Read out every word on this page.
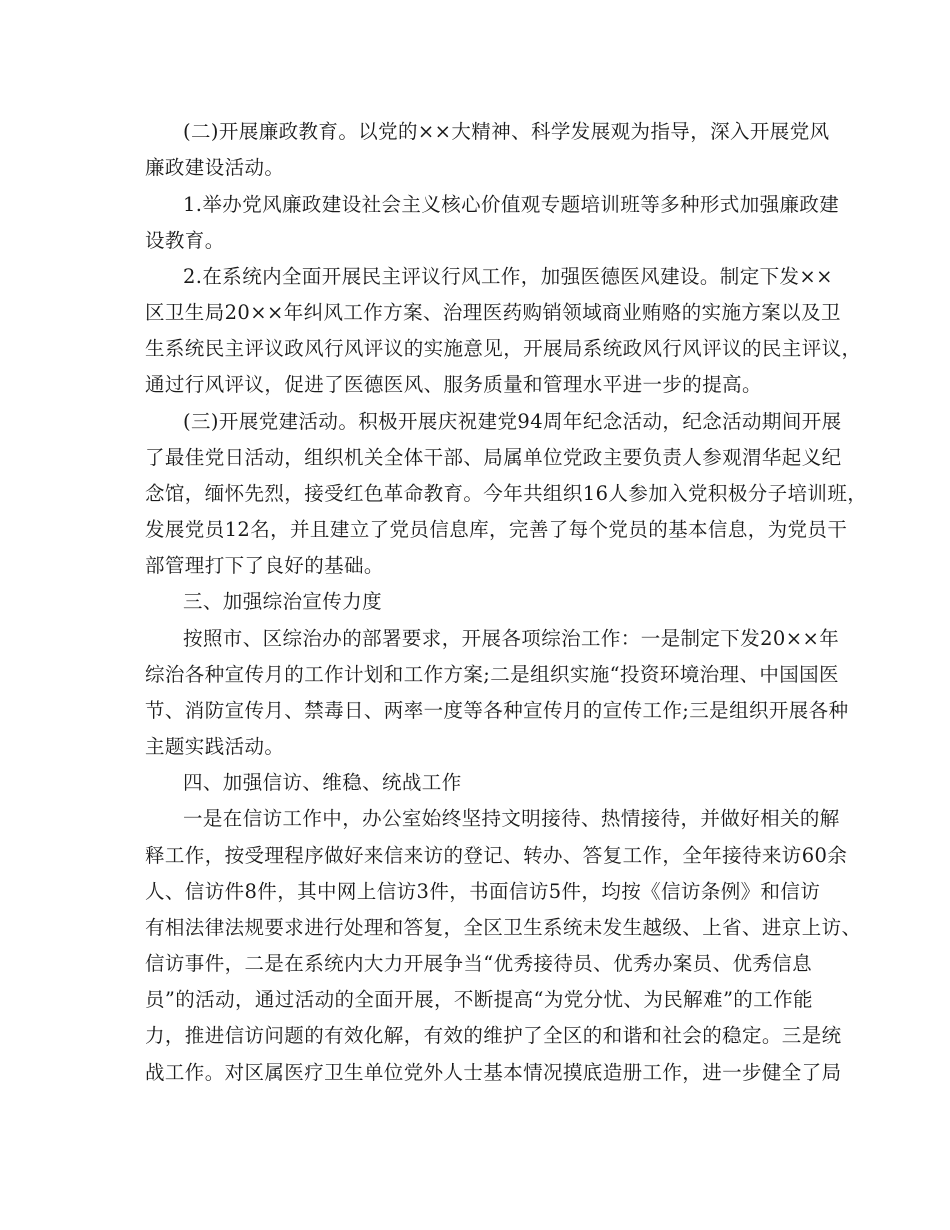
(二)开展廉政教育。以党的××大精神、科学发展观为指导，深入开展党风
廉政建设活动。
1.举办党风廉政建设社会主义核心价值观专题培训班等多种形式加强廉政建
设教育。
2.在系统内全面开展民主评议行风工作，加强医德医风建设。制定下发××
区卫生局20××年纠风工作方案、治理医药购销领域商业贿赂的实施方案以及卫
生系统民主评议政风行风评议的实施意见，开展局系统政风行风评议的民主评议，
通过行风评议，促进了医德医风、服务质量和管理水平进一步的提高。
(三)开展党建活动。积极开展庆祝建党94周年纪念活动，纪念活动期间开展
了最佳党日活动，组织机关全体干部、局属单位党政主要负责人参观渭华起义纪
念馆，缅怀先烈，接受红色革命教育。今年共组织16人参加入党积极分子培训班，
发展党员12名，并且建立了党员信息库，完善了每个党员的基本信息，为党员干
部管理打下了良好的基础。
三、加强综治宣传力度
按照市、区综治办的部署要求，开展各项综治工作：一是制定下发20××年
综治各种宣传月的工作计划和工作方案;二是组织实施“投资环境治理、中国国医
节、消防宣传月、禁毒日、两率一度等各种宣传月的宣传工作;三是组织开展各种
主题实践活动。
四、加强信访、维稳、统战工作
一是在信访工作中，办公室始终坚持文明接待、热情接待，并做好相关的解
释工作，按受理程序做好来信来访的登记、转办、答复工作，全年接待来访60余
人、信访件8件，其中网上信访3件，书面信访5件，均按《信访条例》和信访
有相法律法规要求进行处理和答复，全区卫生系统未发生越级、上省、进京上访、
信访事件，二是在系统内大力开展争当“优秀接待员、优秀办案员、优秀信息
员”的活动，通过活动的全面开展，不断提高“为党分忧、为民解难”的工作能
力，推进信访问题的有效化解，有效的维护了全区的和谐和社会的稳定。三是统
战工作。对区属医疗卫生单位党外人士基本情况摸底造册工作，进一步健全了局
